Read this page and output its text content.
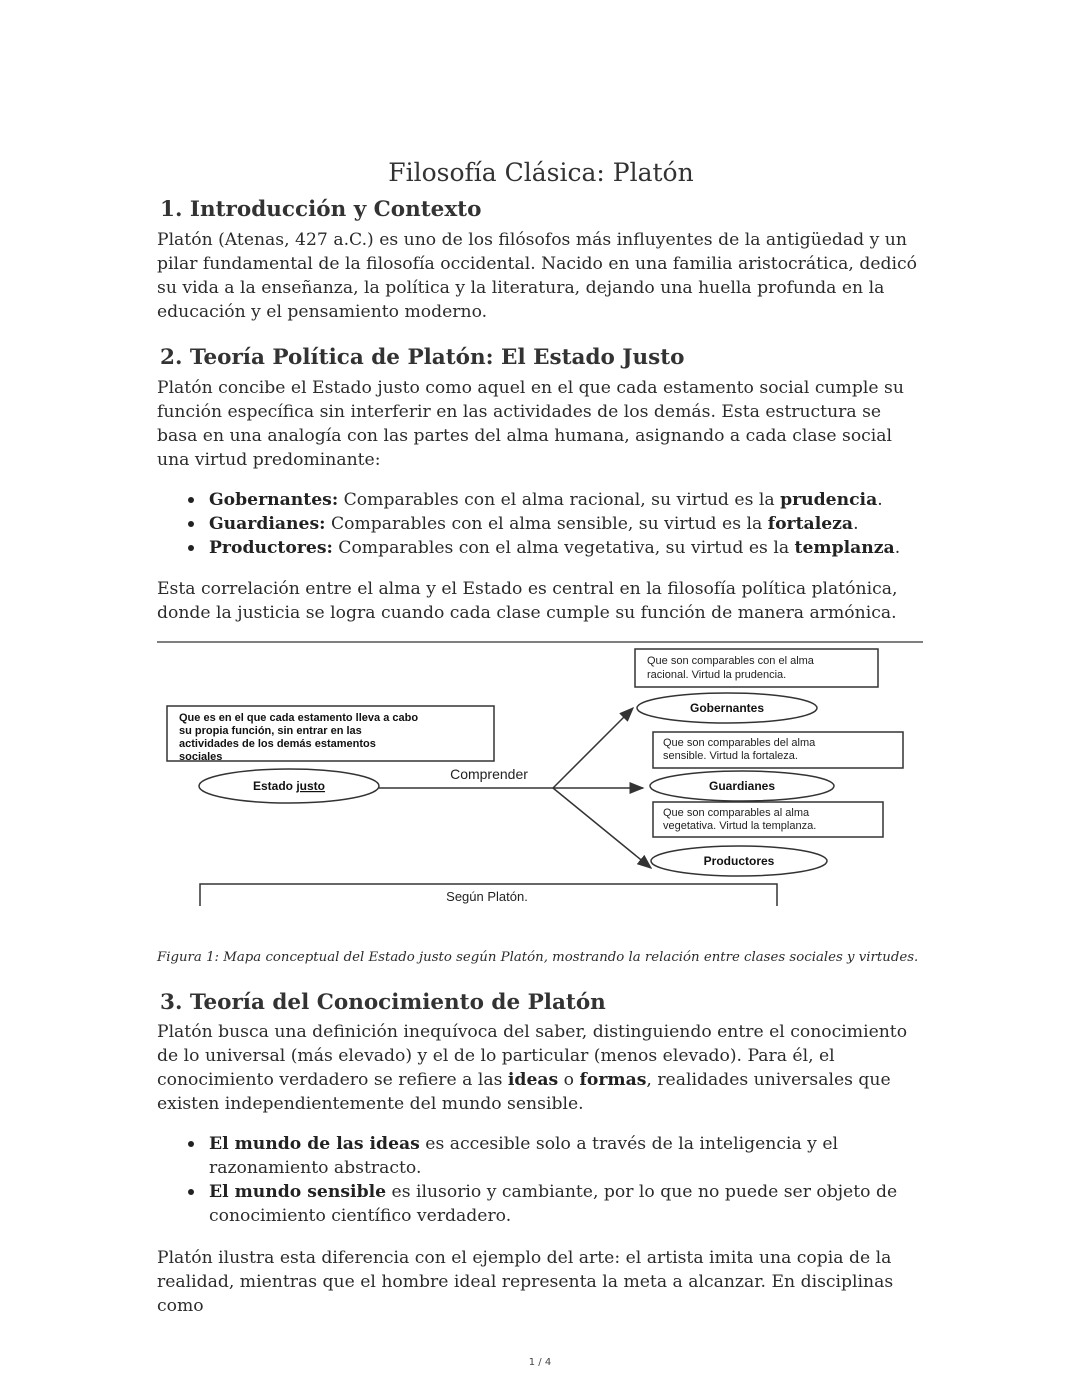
Filosofía Clásica: Platón
1. Introducción y Contexto

Platón (Atenas, 427 a.C.) es uno de los filósofos más influyentes de la antigüedad y un pilar fundamental de la filosofía occidental. Nacido en una familia aristocrática, dedicó su vida a la enseñanza, la política y la literatura, dejando una huella profunda en la educación y el pensamiento moderno.

2. Teoría Política de Platón: El Estado Justo

Platón concibe el Estado justo como aquel en el que cada estamento social cumple su función específica sin interferir en las actividades de los demás. Esta estructura se basa en una analogía con las partes del alma humana, asignando a cada clase social una virtud predominante:

Gobernantes: Comparables con el alma racional, su virtud es la prudencia.
Guardianes: Comparables con el alma sensible, su virtud es la fortaleza.
Productores: Comparables con el alma vegetativa, su virtud es la templanza.

Esta correlación entre el alma y el Estado es central en la filosofía política platónica, donde la justicia se logra cuando cada clase cumple su función de manera armónica.

Figura 1: Mapa conceptual del Estado justo según Platón, mostrando la relación entre clases sociales y virtudes.

3. Teoría del Conocimiento de Platón

Platón busca una definición inequívoca del saber, distinguiendo entre el conocimiento de lo universal (más elevado) y el de lo particular (menos elevado). Para él, el conocimiento verdadero se refiere a las ideas o formas, realidades universales que existen independientemente del mundo sensible.

El mundo de las ideas es accesible solo a través de la inteligencia y el razonamiento abstracto.
El mundo sensible es ilusorio y cambiante, por lo que no puede ser objeto de conocimiento científico verdadero.

Platón ilustra esta diferencia con el ejemplo del arte: el artista imita una copia de la realidad, mientras que el hombre ideal representa la meta a alcanzar. En disciplinas como

Que es en el que cada estamento lleva a cabo su propia función, sin entrar en las actividades de los demás estamentos sociales
Estado justo
Comprender
Que son comparables con el alma racional. Virtud la prudencia.
Gobernantes
Que son comparables del alma sensible. Virtud la fortaleza.
Guardianes
Que son comparables al alma vegetativa. Virtud la templanza.
Productores
Según Platón.
1 / 4
